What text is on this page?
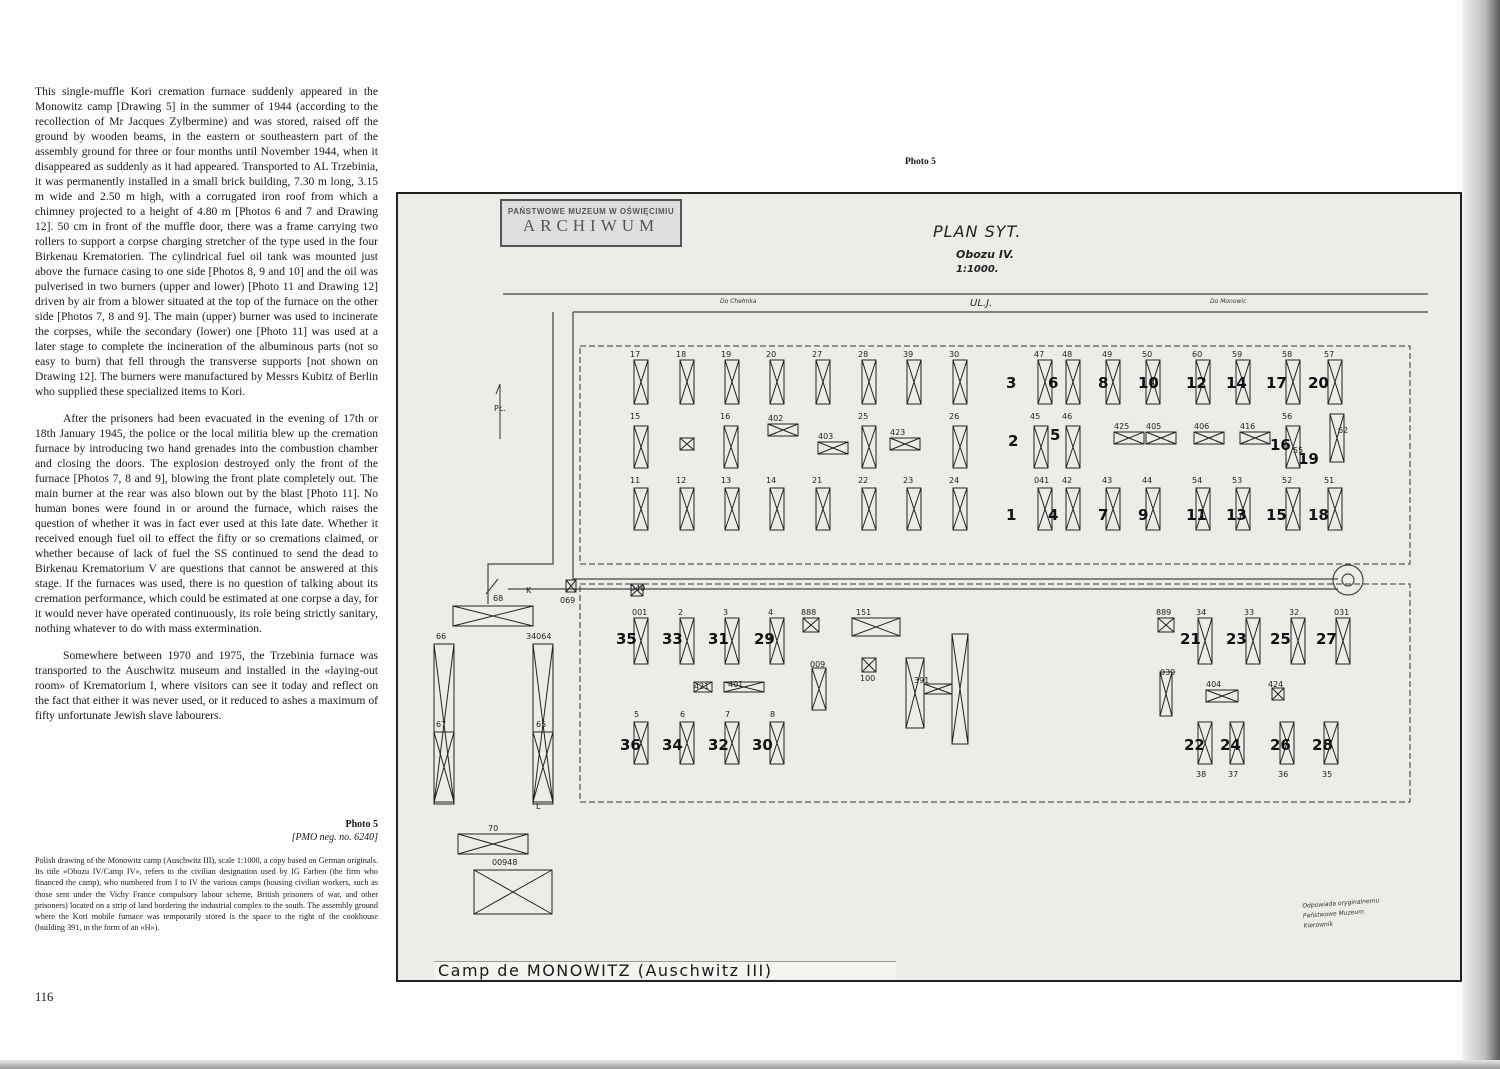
This single-muffle Kori cremation furnace suddenly appeared in the Monowitz camp [Drawing 5] in the summer of 1944 (according to the recollection of Mr Jacques Zylbermine) and was stored, raised off the ground by wooden beams, in the eastern or southeastern part of the assembly ground for three or four months until November 1944, when it disappeared as suddenly as it had appeared. Transported to AL Trzebinia, it was permanently installed in a small brick building, 7.30 m long, 3.15 m wide and 2.50 m high, with a corrugated iron roof from which a chimney projected to a height of 4.80 m [Photos 6 and 7 and Drawing 12]. 50 cm in front of the muffle door, there was a frame carrying two rollers to support a corpse charging stretcher of the type used in the four Birkenau Krematorien. The cylindrical fuel oil tank was mounted just above the furnace casing to one side [Photos 8, 9 and 10] and the oil was pulverised in two burners (upper and lower) [Photo 11 and Drawing 12] driven by air from a blower situated at the top of the furnace on the other side [Photos 7, 8 and 9]. The main (upper) burner was used to incinerate the corpses, while the secondary (lower) one [Photo 11] was used at a later stage to complete the incineration of the albuminous parts (not so easy to burn) that fell through the transverse supports [not shown on Drawing 12]. The burners were manufactured by Messrs Kubitz of Berlin who supplied these specialized items to Kori.

After the prisoners had been evacuated in the evening of 17th or 18th January 1945, the police or the local militia blew up the cremation furnace by introducing two hand grenades into the combustion chamber and closing the doors. The explosion destroyed only the front of the furnace [Photos 7, 8 and 9], blowing the front plate completely out. The main burner at the rear was also blown out by the blast [Photo 11]. No human bones were found in or around the furnace, which raises the question of whether it was in fact ever used at this late date. Whether it received enough fuel oil to effect the fifty or so cremations claimed, or whether because of lack of fuel the SS continued to send the dead to Birkenau Krematorium V are questions that cannot be answered at this stage. If the furnaces was used, there is no question of talking about its cremation performance, which could be estimated at one corpse a day, for it would never have operated continuously, its role being strictly sanitary, nothing whatever to do with mass extermination.

Somewhere between 1970 and 1975, the Trzebinia furnace was transported to the Auschwitz museum and installed in the «laying-out room» of Krematorium I, where visitors can see it today and reflect on the fact that either it was never used, or it reduced to ashes a maximum of fifty unfortunate Jewish slave labourers.

Photo 5
Photo 5
[PMO neg. no. 6240]
Polish drawing of the Monowitz camp (Auschwitz III), scale 1:1000, a copy based on German originals. Its title «Obozu IV/Camp IV», refers to the civilian designation used by IG Farben (the firm who financed the camp), who numbered from I to IV the various camps (housing civilian workers, such as those sent under the Vichy France compulsory labour scheme, British prisoners of war, and other prisoners) located on a strip of land bordering the industrial complex to the south. The assembly ground where the Kori mobile furnace was temporarily stored is the space to the right of the cookhouse (building 391, in the form of an «H»).
116
PAŃSTWOWE MUZEUM W OŚWIĘCIMIU
ARCHIWUM	PLAN SYT.
Obozu IV.
1:1000.
UL.J.
Do Chełmka	Do Monowic
PŁ.
K
L
Odpowiada oryginalnemu
Państwowe Muzeum
Kierownik
17	18	19	20	27	28	39	30	47 48	49	50	60	59	58	57
3 6	8 10 12 14 17 20
15	16	25	26	45	46	56
402
403	423
425 405	406	416
55
62
2 5
16
19
11	12	13	14	21	22	23	24	041 42	43	44	54	53	52	51
1 4	7 9	11 13 15 18
68	069
040
66	34064
67	65
70
00948
001	2	3	4	888	151	889	34	33	32	031
35 33 31 29	21 23 25 27
421 401
009
100	391
039
404	424
5	6	7	8
38	37	36	35
36 34 32 30	22 24 26 28
Camp de MONOWITZ (Auschwitz III)
